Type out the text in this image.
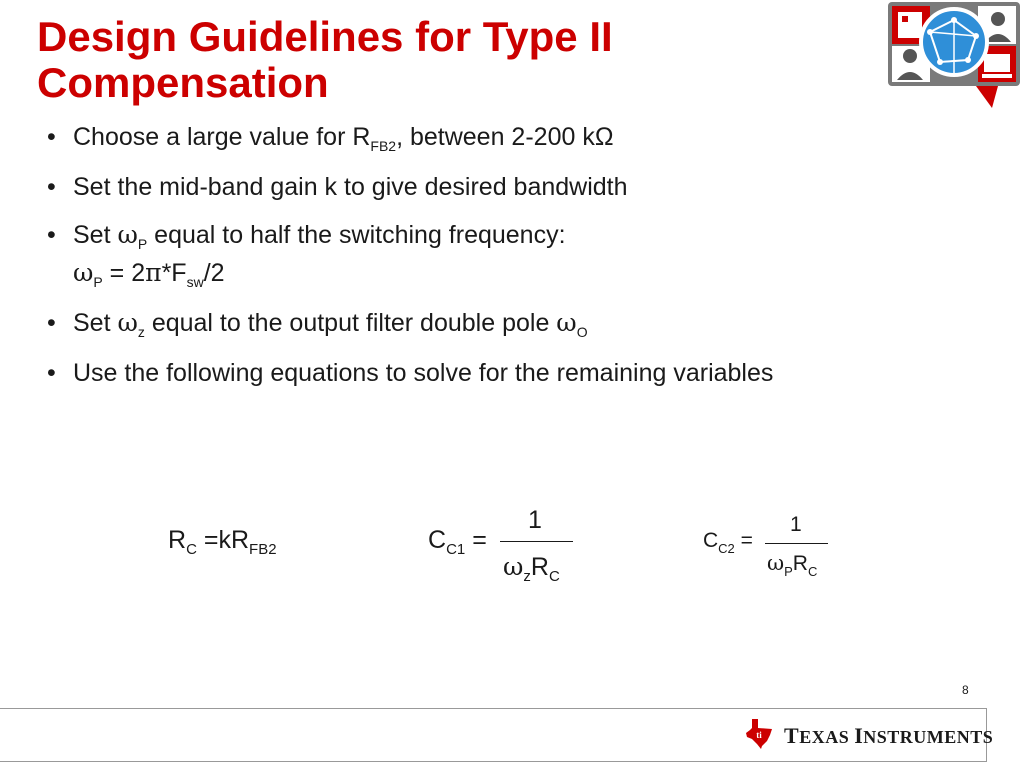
Design Guidelines for Type II
Compensation
• Choose a large value for $R_{FB2}$, between 2-200 kΩ
• Set the mid-band gain k to give desired bandwidth
• Set $\omega_P$ equal to half the switching frequency:
$\omega_P = 2\pi*F_{sw}/2$
• Set $\omega_z$ equal to the output filter double pole $\omega_O$
• Use the following equations to solve for the remaining variables
$R_C =kR_{FB2}$	$C_{C1}$ =
1
$\omega_zR_C$
$C_{C2}$ =
1
$\omega_PR_C$
8
ti TEXAS INSTRUMENTS
